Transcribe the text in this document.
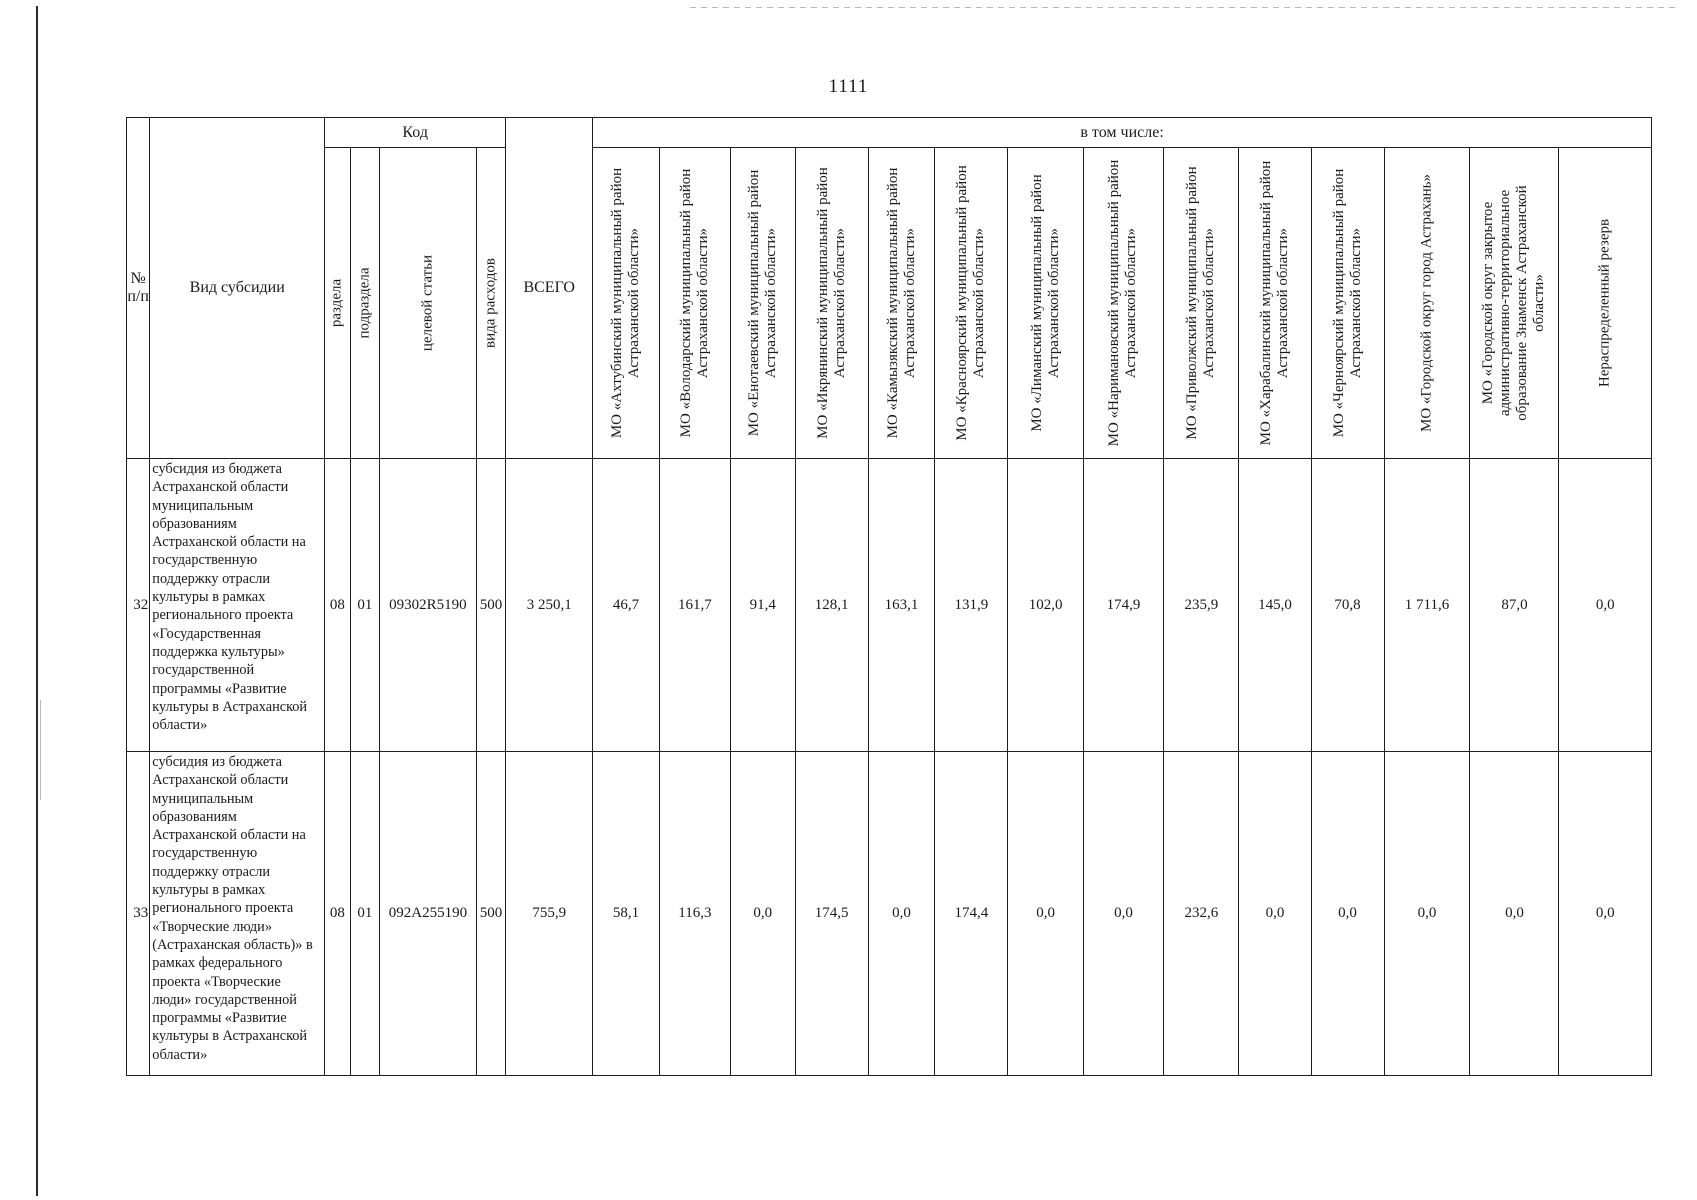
1111
№ п/п	Вид субсидии	Код				ВСЕГО	в том числе:													

		раздела	подраздела	целевой статьи	вида расходов		МО «Ахтубинский муниципальный район Астраханской области»	МО «Володарский муниципальный район Астраханской области»	МО «Енотаевский муниципальный район Астраханской области»	МО «Икрянинский муниципальный район Астраханской области»	МО «Камызякский муниципальный район Астраханской области»	МО «Красноярский муниципальный район Астраханской области»	МО «Лиманский муниципальный район Астраханской области»	МО «Наримановский муниципальный район Астраханской области»	МО «Приволжский муниципальный район Астраханской области»	МО «Харабалинский муниципальный район Астраханской области»	МО «Черноярский муниципальный район Астраханской области»	МО «Городской округ город Астрахань»	МО «Городской округ закрытое административно-территориальное образование Знаменск Астраханской области»	Нераспределенный резерв

32	субсидия из бюджета Астраханской области муниципальным образованиям Астраханской области на государственную поддержку отрасли культуры в рамках регионального проекта «Государственная поддержка культуры» государственной программы «Развитие культуры в Астраханской области»	08	01	09302R5190	500	3 250,1	46,7	161,7	91,4	128,1	163,1	131,9	102,0	174,9	235,9	145,0	70,8	1 711,6	87,0	0,0
33	субсидия из бюджета Астраханской области муниципальным образованиям Астраханской области на государственную поддержку отрасли культуры в рамках регионального проекта «Творческие люди» (Астраханская область)» в рамках федерального проекта «Творческие люди» государственной программы «Развитие культуры в Астраханской области»	08	01	092A255190	500	755,9	58,1	116,3	0,0	174,5	0,0	174,4	0,0	0,0	232,6	0,0	0,0	0,0	0,0	0,0
